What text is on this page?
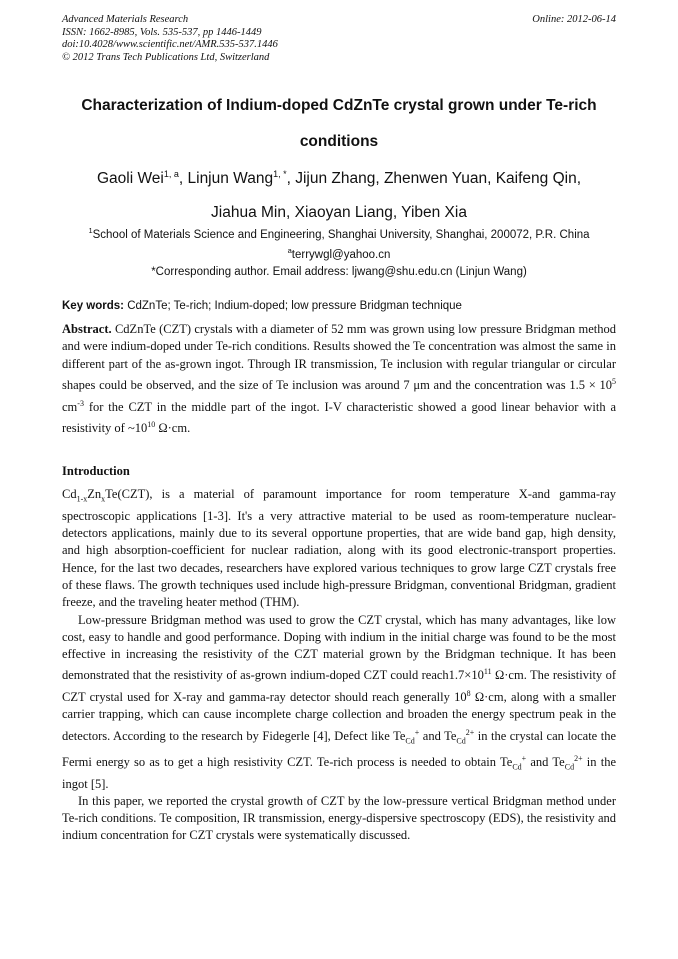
Advanced Materials Research
ISSN: 1662-8985, Vols. 535-537, pp 1446-1449
doi:10.4028/www.scientific.net/AMR.535-537.1446
© 2012 Trans Tech Publications Ltd, Switzerland
Online: 2012-06-14
Characterization of Indium-doped CdZnTe crystal grown under Te-rich
conditions
Gaoli Wei$^{1, a}$, Linjun Wang$^{1, *}$, Jijun Zhang, Zhenwen Yuan, Kaifeng Qin,
Jiahua Min, Xiaoyan Liang, Yiben Xia
$^1$School of Materials Science and Engineering, Shanghai University, Shanghai, 200072, P.R. China
$^a$terrywgl@yahoo.cn
*Corresponding author. Email address: ljwang@shu.edu.cn (Linjun Wang)
Key words: CdZnTe; Te-rich; Indium-doped; low pressure Bridgman technique
Abstract. CdZnTe (CZT) crystals with a diameter of 52 mm was grown using low pressure Bridgman method and were indium-doped under Te-rich conditions. Results showed the Te concentration was almost the same in different part of the as-grown ingot. Through IR transmission, Te inclusion with regular triangular or circular shapes could be observed, and the size of Te inclusion was around 7 μm and the concentration was $1.5 \times 10^5$ $cm^{-3}$ for the CZT in the middle part of the ingot. I-V characteristic showed a good linear behavior with a resistivity of $\sim 10^{10}$ Ω·cm.
Introduction

$Cd_{1-x}Zn_xTe(CZT)$, is a material of paramount importance for room temperature X-and gamma-ray spectroscopic applications [1-3]. It's a very attractive material to be used as room-temperature nuclear-detectors applications, mainly due to its several opportune properties, that are wide band gap, high density, and high absorption-coefficient for nuclear radiation, along with its good electronic-transport properties. Hence, for the last two decades, researchers have explored various techniques to grow large CZT crystals free of these flaws. The growth techniques used include high-pressure Bridgman, conventional Bridgman, gradient freeze, and the traveling heater method (THM).

Low-pressure Bridgman method was used to grow the CZT crystal, which has many advantages, like low cost, easy to handle and good performance. Doping with indium in the initial charge was found to be the most effective in increasing the resistivity of the CZT material grown by the Bridgman technique. It has been demonstrated that the resistivity of as-grown indium-doped CZT could $reach1.7\times 10^{11}$ Ω·cm. The resistivity of CZT crystal used for X-ray and gamma-ray detector should reach generally $10^8$ Ω·cm, along with a smaller carrier trapping, which can cause incomplete charge collection and broaden the energy spectrum peak in the detectors. According to the research by Fidegerle [4], Defect like $Te_{Cd}^+$ and $Te_{Cd}^{2+}$ in the crystal can locate the Fermi energy so as to get a high resistivity CZT. Te-rich process is needed to obtain $Te_{Cd}^+$ and $Te_{Cd}^{2+}$ in the ingot [5].

In this paper, we reported the crystal growth of CZT by the low-pressure vertical Bridgman method under Te-rich conditions. Te composition, IR transmission, energy-dispersive spectroscopy (EDS), the resistivity and indium concentration for CZT crystals were systematically discussed.
